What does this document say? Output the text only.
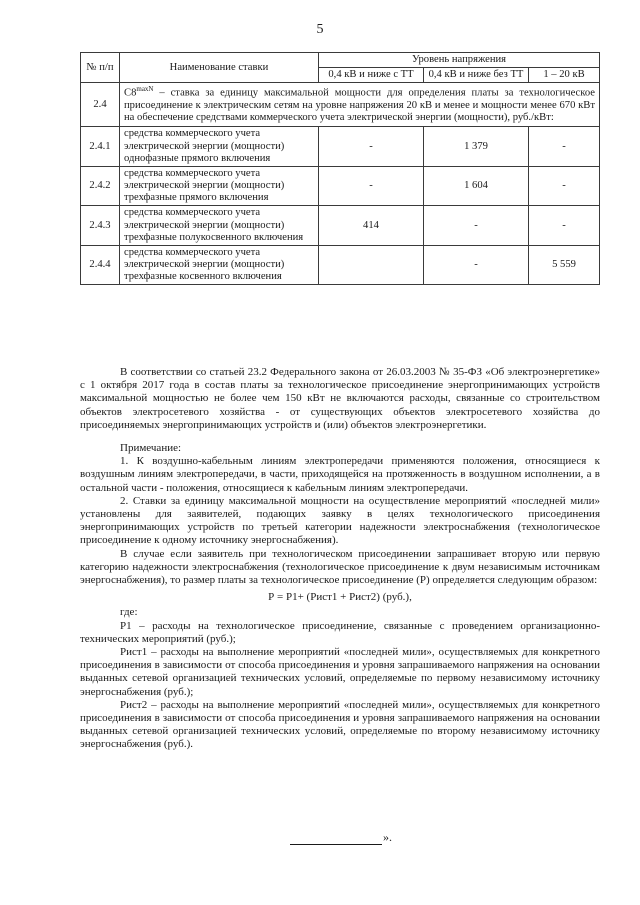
5
№ п/п	Наименование ставки	Уровень напряжения		
		0,4 кВ и ниже с ТТ	0,4 кВ и ниже без ТТ	1 – 20 кВ
2.4	$C8^{maxN}$ – ставка за единицу максимальной мощности для определения платы за технологическое присоединение к электрическим сетям на уровне напряжения 20 кВ и менее и мощности менее 670 кВт на обеспечение средствами коммерческого учета электрической энергии (мощности), руб./кВт:			
2.4.1	средства коммерческого учета электрической энергии (мощности) однофазные прямого включения	-	1 379	-
2.4.2	средства коммерческого учета электрической энергии (мощности) трехфазные прямого включения	-	1 604	-
2.4.3	средства коммерческого учета электрической энергии (мощности) трехфазные полукосвенного включения	414	-	-
2.4.4	средства коммерческого учета электрической энергии (мощности) трехфазные косвенного включения		-	5 559

В соответствии со статьей 23.2 Федерального закона от 26.03.2003 № 35-ФЗ «Об электроэнергетике» с 1 октября 2017 года в состав платы за технологическое присоединение энергопринимающих устройств максимальной мощностью не более чем 150 кВт не включаются расходы, связанные со строительством объектов электросетевого хозяйства - от существующих объектов электросетевого хозяйства до присоединяемых энергопринимающих устройств и (или) объектов электроэнергетики.

Примечание:

1. К воздушно-кабельным линиям электропередачи применяются положения, относящиеся к воздушным линиям электропередачи, в части, приходящейся на протяженность в воздушном исполнении, а в остальной части - положения, относящиеся к кабельным линиям электропередачи.

2. Ставки за единицу максимальной мощности на осуществление мероприятий «последней мили» установлены для заявителей, подающих заявку в целях технологического присоединения энергопринимающих устройств по третьей категории надежности электроснабжения (технологическое присоединение к одному источнику энергоснабжения).

В случае если заявитель при технологическом присоединении запрашивает вторую или первую категорию надежности электроснабжения (технологическое присоединение к двум независимым источникам энергоснабжения), то размер платы за технологическое присоединение (Р) определяется следующим образом:

Р = Р1+ (Рист1 + Рист2) (руб.),

где:

Р1 – расходы на технологическое присоединение, связанные с проведением организационно-технических мероприятий (руб.);

Рист1 – расходы на выполнение мероприятий «последней мили», осуществляемых для конкретного присоединения в зависимости от способа присоединения и уровня запрашиваемого напряжения на основании выданных сетевой организацией технических условий, определяемые по первому независимому источнику энергоснабжения (руб.);

Рист2 – расходы на выполнение мероприятий «последней мили», осуществляемых для конкретного присоединения в зависимости от способа присоединения и уровня запрашиваемого напряжения на основании выданных сетевой организацией технических условий, определяемые по второму независимому источнику энергоснабжения (руб.).

».
